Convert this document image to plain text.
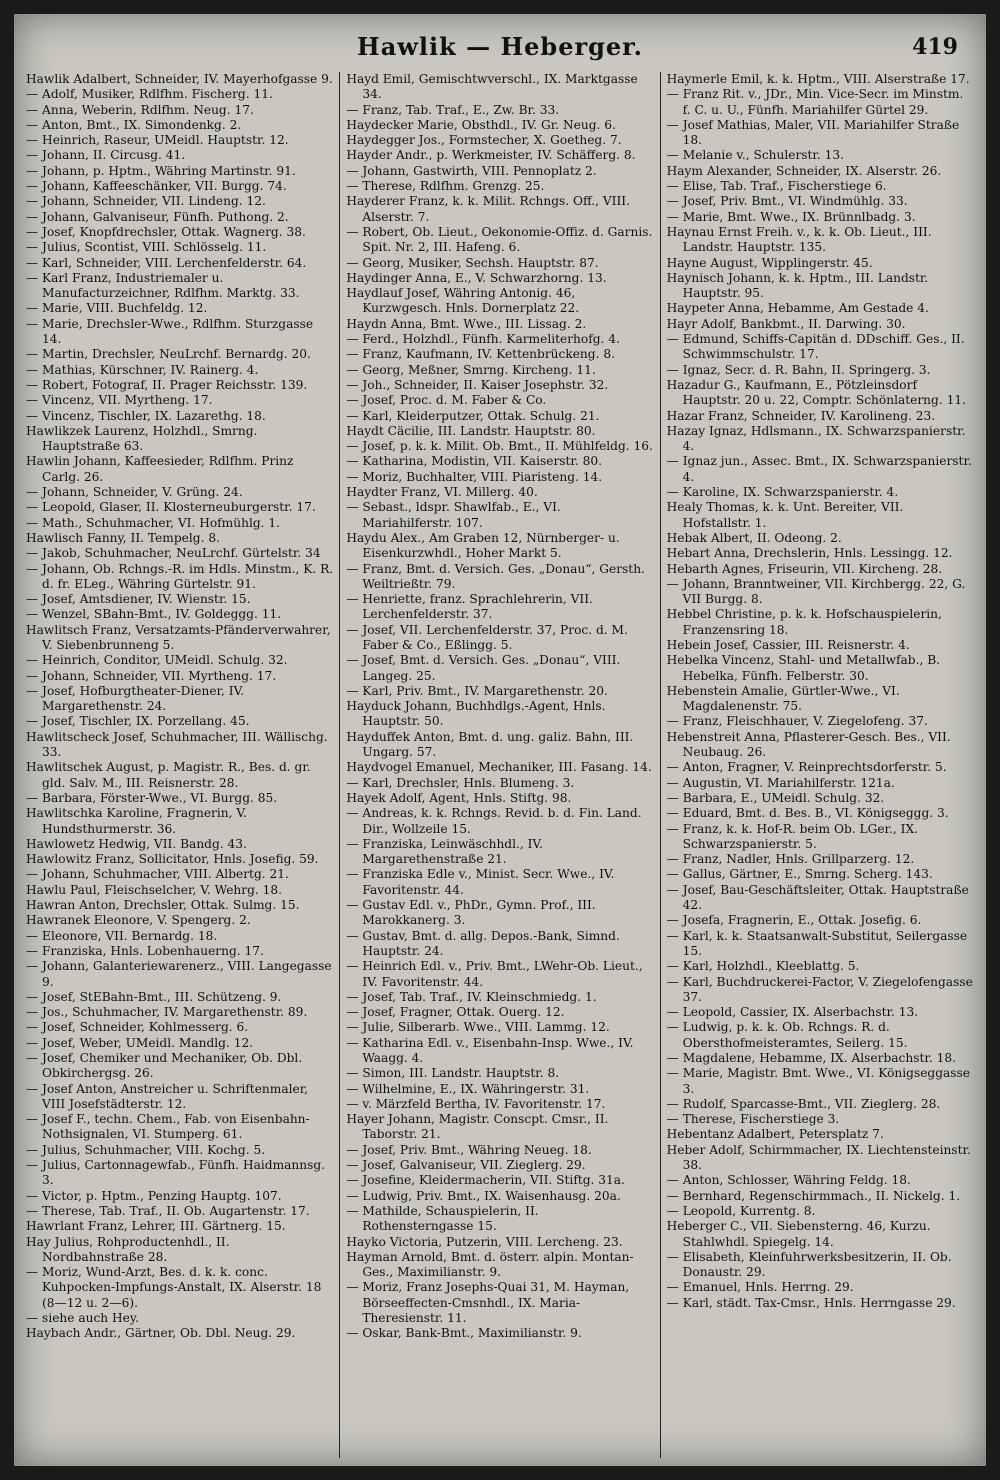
Hawlik — Heberger.	419

Hawlik Adalbert, Schneider, IV. Mayerhofgasse 9.

— Adolf, Musiker, Rdlfhm. Fischerg. 11.

— Anna, Weberin, Rdlfhm. Neug. 17.

— Anton, Bmt., IX. Simondenkg. 2.

— Heinrich, Raseur, UMeidl. Hauptstr. 12.

— Johann, II. Circusg. 41.

— Johann, p. Hptm., Währing Martinstr. 91.

— Johann, Kaffeeschänker, VII. Burgg. 74.

— Johann, Schneider, VII. Lindeng. 12.

— Johann, Galvaniseur, Fünfh. Puthong. 2.

— Josef, Knopfdrechsler, Ottak. Wagnerg. 38.

— Julius, Scontist, VIII. Schlösselg. 11.

— Karl, Schneider, VIII. Lerchenfelderstr. 64.

— Karl Franz, Industriemaler u. Manufacturzeichner, Rdlfhm. Marktg. 33.

— Marie, VIII. Buchfeldg. 12.

— Marie, Drechsler-Wwe., Rdlfhm. Sturzgasse 14.

— Martin, Drechsler, NeuLrchf. Bernardg. 20.

— Mathias, Kürschner, IV. Rainerg. 4.

— Robert, Fotograf, II. Prager Reichsstr. 139.

— Vincenz, VII. Myrtheng. 17.

— Vincenz, Tischler, IX. Lazarethg. 18.

Hawlikzek Laurenz, Holzhdl., Smrng. Hauptstraße 63.

Hawlin Johann, Kaffeesieder, Rdlfhm. Prinz Carlg. 26.

— Johann, Schneider, V. Grüng. 24.

— Leopold, Glaser, II. Klosterneuburgerstr. 17.

— Math., Schuhmacher, VI. Hofmühlg. 1.

Hawlisch Fanny, II. Tempelg. 8.

— Jakob, Schuhmacher, NeuLrchf. Gürtelstr. 34

— Johann, Ob. Rchngs.-R. im Hdls. Minstm., K. R. d. fr. ELeg., Währing Gürtelstr. 91.

— Josef, Amtsdiener, IV. Wienstr. 15.

— Wenzel, SBahn-Bmt., IV. Goldeggg. 11.

Hawlitsch Franz, Versatzamts-Pfänderverwahrer, V. Siebenbrunneng 5.

— Heinrich, Conditor, UMeidl. Schulg. 32.

— Johann, Schneider, VII. Myrtheng. 17.

— Josef, Hofburgtheater-Diener, IV. Margarethenstr. 24.

— Josef, Tischler, IX. Porzellang. 45.

Hawlitscheck Josef, Schuhmacher, III. Wällischg. 33.

Hawlitschek August, p. Magistr. R., Bes. d. gr. gld. Salv. M., III. Reisnerstr. 28.

— Barbara, Förster-Wwe., VI. Burgg. 85.

Hawlitschka Karoline, Fragnerin, V. Hundsthurmerstr. 36.

Hawlowetz Hedwig, VII. Bandg. 43.

Hawlowitz Franz, Sollicitator, Hnls. Josefig. 59.

— Johann, Schuhmacher, VIII. Albertg. 21.

Hawlu Paul, Fleischselcher, V. Wehrg. 18.

Hawran Anton, Drechsler, Ottak. Sulmg. 15.

Hawranek Eleonore, V. Spengerg. 2.

— Eleonore, VII. Bernardg. 18.

— Franziska, Hnls. Lobenhauerng. 17.

— Johann, Galanteriewarenerz., VIII. Langegasse 9.

— Josef, StEBahn-Bmt., III. Schützeng. 9.

— Jos., Schuhmacher, IV. Margarethenstr. 89.

— Josef, Schneider, Kohlmesserg. 6.

— Josef, Weber, UMeidl. Mandlg. 12.

— Josef, Chemiker und Mechaniker, Ob. Dbl. Obkirchergsg. 26.

— Josef Anton, Anstreicher u. Schriftenmaler, VIII Josefstädterstr. 12.

— Josef F., techn. Chem., Fab. von Eisenbahn-Nothsignalen, VI. Stumperg. 61.

— Julius, Schuhmacher, VIII. Kochg. 5.

— Julius, Cartonnagewfab., Fünfh. Haidmannsg. 3.

— Victor, p. Hptm., Penzing Hauptg. 107.

— Therese, Tab. Traf., II. Ob. Augartenstr. 17.

Hawrlant Franz, Lehrer, III. Gärtnerg. 15.

Hay Julius, Rohproductenhdl., II. Nordbahnstraße 28.

— Moriz, Wund-Arzt, Bes. d. k. k. conc. Kuhpocken-Impfungs-Anstalt, IX. Alserstr. 18 (8—12 u. 2—6).

— siehe auch Hey.

Haybach Andr., Gärtner, Ob. Dbl. Neug. 29.

Hayd Emil, Gemischtwverschl., IX. Marktgasse 34.

— Franz, Tab. Traf., E., Zw. Br. 33.

Haydecker Marie, Obsthdl., IV. Gr. Neug. 6.

Haydegger Jos., Formstecher, X. Goetheg. 7.

Hayder Andr., p. Werkmeister, IV. Schäfferg. 8.

— Johann, Gastwirth, VIII. Pennoplatz 2.

— Therese, Rdlfhm. Grenzg. 25.

Hayderer Franz, k. k. Milit. Rchngs. Off., VIII. Alserstr. 7.

— Robert, Ob. Lieut., Oekonomie-Offiz. d. Garnis. Spit. Nr. 2, III. Hafeng. 6.

— Georg, Musiker, Sechsh. Hauptstr. 87.

Haydinger Anna, E., V. Schwarzhorng. 13.

Haydlauf Josef, Währing Antonig. 46, Kurzwgesch. Hnls. Dornerplatz 22.

Haydn Anna, Bmt. Wwe., III. Lissag. 2.

— Ferd., Holzhdl., Fünfh. Karmeliterhofg. 4.

— Franz, Kaufmann, IV. Kettenbrückeng. 8.

— Georg, Meßner, Smrng. Kircheng. 11.

— Joh., Schneider, II. Kaiser Josephstr. 32.

— Josef, Proc. d. M. Faber & Co.

— Karl, Kleiderputzer, Ottak. Schulg. 21.

Haydt Cäcilie, III. Landstr. Hauptstr. 80.

— Josef, p. k. k. Milit. Ob. Bmt., II. Mühlfeldg. 16.

— Katharina, Modistin, VII. Kaiserstr. 80.

— Moriz, Buchhalter, VIII. Piaristeng. 14.

Haydter Franz, VI. Millerg. 40.

— Sebast., ldspr. Shawlfab., E., VI. Mariahilferstr. 107.

Haydu Alex., Am Graben 12, Nürnberger- u. Eisenkurzwhdl., Hoher Markt 5.

— Franz, Bmt. d. Versich. Ges. „Donau“, Gersth. Weiltrießtr. 79.

— Henriette, franz. Sprachlehrerin, VII. Lerchenfelderstr. 37.

— Josef, VII. Lerchenfelderstr. 37, Proc. d. M. Faber & Co., Eßlingg. 5.

— Josef, Bmt. d. Versich. Ges. „Donau“, VIII. Langeg. 25.

— Karl, Priv. Bmt., IV. Margarethenstr. 20.

Hayduck Johann, Buchhdlgs.-Agent, Hnls. Hauptstr. 50.

Hayduffek Anton, Bmt. d. ung. galiz. Bahn, III. Ungarg. 57.

Haydvogel Emanuel, Mechaniker, III. Fasang. 14.

— Karl, Drechsler, Hnls. Blumeng. 3.

Hayek Adolf, Agent, Hnls. Stiftg. 98.

— Andreas, k. k. Rchngs. Revid. b. d. Fin. Land. Dir., Wollzeile 15.

— Franziska, Leinwäschhdl., IV. Margarethenstraße 21.

— Franziska Edle v., Minist. Secr. Wwe., IV. Favoritenstr. 44.

— Gustav Edl. v., PhDr., Gymn. Prof., III. Marokkanerg. 3.

— Gustav, Bmt. d. allg. Depos.-Bank, Simnd. Hauptstr. 24.

— Heinrich Edl. v., Priv. Bmt., LWehr-Ob. Lieut., IV. Favoritenstr. 44.

— Josef, Tab. Traf., IV. Kleinschmiedg. 1.

— Josef, Fragner, Ottak. Ouerg. 12.

— Julie, Silberarb. Wwe., VIII. Lammg. 12.

— Katharina Edl. v., Eisenbahn-Insp. Wwe., IV. Waagg. 4.

— Simon, III. Landstr. Hauptstr. 8.

— Wilhelmine, E., IX. Währingerstr. 31.

— v. Märzfeld Bertha, IV. Favoritenstr. 17.

Hayer Johann, Magistr. Conscpt. Cmsr., II. Taborstr. 21.

— Josef, Priv. Bmt., Währing Neueg. 18.

— Josef, Galvaniseur, VII. Zieglerg. 29.

— Josefine, Kleidermacherin, VII. Stiftg. 31a.

— Ludwig, Priv. Bmt., IX. Waisenhausg. 20a.

— Mathilde, Schauspielerin, II. Rothensterngasse 15.

Hayko Victoria, Putzerin, VIII. Lercheng. 23.

Hayman Arnold, Bmt. d. österr. alpin. Montan-Ges., Maximilianstr. 9.

— Moriz, Franz Josephs-Quai 31, M. Hayman, Börseeffecten-Cmsnhdl., IX. Maria-Theresienstr. 11.

— Oskar, Bank-Bmt., Maximilianstr. 9.

Haymerle Emil, k. k. Hptm., VIII. Alserstraße 17.

— Franz Rit. v., JDr., Min. Vice-Secr. im Minstm. f. C. u. U., Fünfh. Mariahilfer Gürtel 29.

— Josef Mathias, Maler, VII. Mariahilfer Straße 18.

— Melanie v., Schulerstr. 13.

Haym Alexander, Schneider, IX. Alserstr. 26.

— Elise, Tab. Traf., Fischerstiege 6.

— Josef, Priv. Bmt., VI. Windmühlg. 33.

— Marie, Bmt. Wwe., IX. Brünnlbadg. 3.

Haynau Ernst Freih. v., k. k. Ob. Lieut., III. Landstr. Hauptstr. 135.

Hayne August, Wipplingerstr. 45.

Haynisch Johann, k. k. Hptm., III. Landstr. Hauptstr. 95.

Haypeter Anna, Hebamme, Am Gestade 4.

Hayr Adolf, Bankbmt., II. Darwing. 30.

— Edmund, Schiffs-Capitän d. DDschiff. Ges., II. Schwimmschulstr. 17.

— Ignaz, Secr. d. R. Bahn, II. Springerg. 3.

Hazadur G., Kaufmann, E., Pötzleinsdorf Hauptstr. 20 u. 22, Comptr. Schönlaterng. 11.

Hazar Franz, Schneider, IV. Karolineng. 23.

Hazay Ignaz, Hdlsmann., IX. Schwarzspanierstr. 4.

— Ignaz jun., Assec. Bmt., IX. Schwarzspanierstr. 4.

— Karoline, IX. Schwarzspanierstr. 4.

Healy Thomas, k. k. Unt. Bereiter, VII. Hofstallstr. 1.

Hebak Albert, II. Odeong. 2.

Hebart Anna, Drechslerin, Hnls. Lessingg. 12.

Hebarth Agnes, Friseurin, VII. Kircheng. 28.

— Johann, Branntweiner, VII. Kirchbergg. 22, G. VII Burgg. 8.

Hebbel Christine, p. k. k. Hofschauspielerin, Franzensring 18.

Hebein Josef, Cassier, III. Reisnerstr. 4.

Hebelka Vincenz, Stahl- und Metallwfab., B. Hebelka, Fünfh. Felberstr. 30.

Hebenstein Amalie, Gürtler-Wwe., VI. Magdalenenstr. 75.

— Franz, Fleischhauer, V. Ziegelofeng. 37.

Hebenstreit Anna, Pflasterer-Gesch. Bes., VII. Neubaug. 26.

— Anton, Fragner, V. Reinprechtsdorferstr. 5.

— Augustin, VI. Mariahilferstr. 121a.

— Barbara, E., UMeidl. Schulg. 32.

— Eduard, Bmt. d. Bes. B., VI. Königseggg. 3.

— Franz, k. k. Hof-R. beim Ob. LGer., IX. Schwarzspanierstr. 5.

— Franz, Nadler, Hnls. Grillparzerg. 12.

— Gallus, Gärtner, E., Smrng. Scherg. 143.

— Josef, Bau-Geschäftsleiter, Ottak. Hauptstraße 42.

— Josefa, Fragnerin, E., Ottak. Josefig. 6.

— Karl, k. k. Staatsanwalt-Substitut, Seilergasse 15.

— Karl, Holzhdl., Kleeblattg. 5.

— Karl, Buchdruckerei-Factor, V. Ziegelofengasse 37.

— Leopold, Cassier, IX. Alserbachstr. 13.

— Ludwig, p. k. k. Ob. Rchngs. R. d. Obersthofmeisteramtes, Seilerg. 15.

— Magdalene, Hebamme, IX. Alserbachstr. 18.

— Marie, Magistr. Bmt. Wwe., VI. Königseggasse 3.

— Rudolf, Sparcasse-Bmt., VII. Zieglerg. 28.

— Therese, Fischerstiege 3.

Hebentanz Adalbert, Petersplatz 7.

Heber Adolf, Schirmmacher, IX. Liechtensteinstr. 38.

— Anton, Schlosser, Währing Feldg. 18.

— Bernhard, Regenschirmmach., II. Nickelg. 1.

— Leopold, Kurrentg. 8.

Heberger C., VII. Siebensterng. 46, Kurzu. Stahlwhdl. Spiegelg. 14.

— Elisabeth, Kleinfuhrwerksbesitzerin, II. Ob. Donaustr. 29.

— Emanuel, Hnls. Herrng. 29.

— Karl, städt. Tax-Cmsr., Hnls. Herrngasse 29.
